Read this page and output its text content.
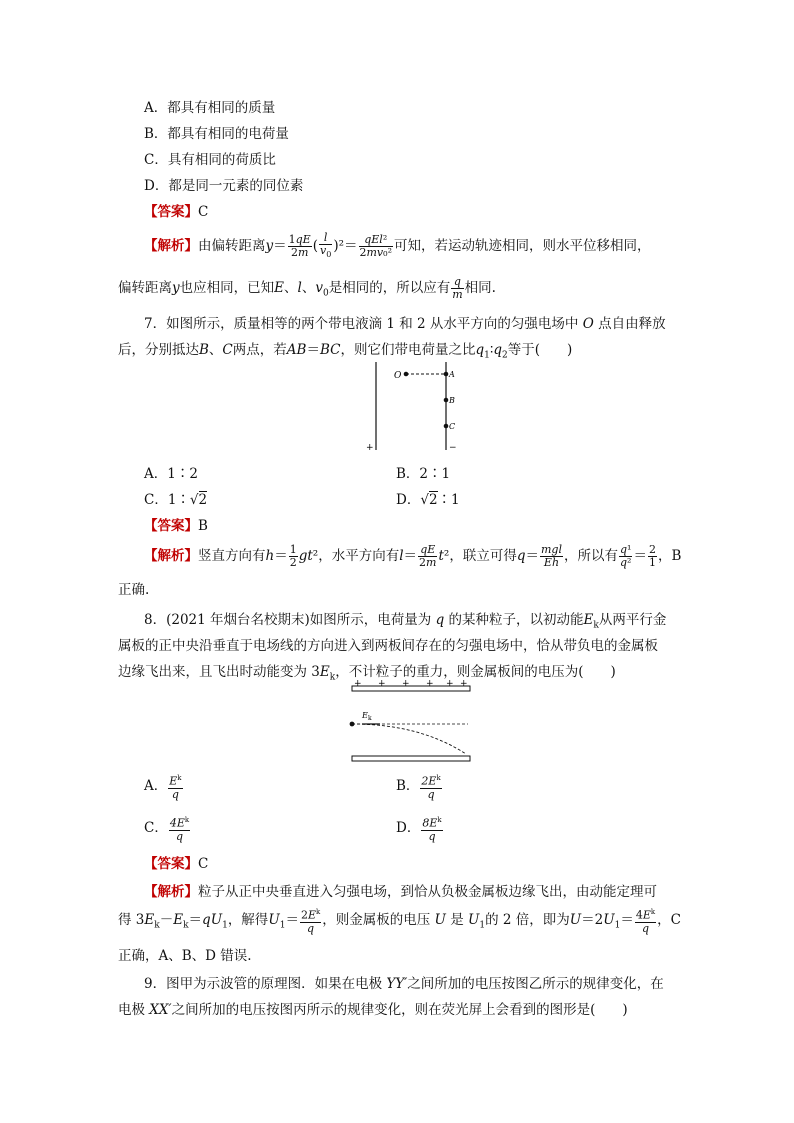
A．都具有相同的质量
B．都具有相同的电荷量
C．具有相同的荷质比
D．都是同一元素的同位素
【答案】C
【解析】由偏转距离$y= \frac{1qE}{2m}$ ( $\frac{l}{v_0} )^2= \frac{\text{qEl²}}{\text{2mv₀²}}$ 可知，若运动轨迹相同，则水平位移相同，
偏转距离y也应相同，已知E、l、$v_0$是相同的，所以应有 $\frac{q}{m}$ 相同.
7．如图所示，质量相等的两个带电液滴 1 和 2 从水平方向的匀强电场中 O 点自由释放
后，分别抵达B、C两点，若AB＝BC，则它们带电荷量之比$q_1∶q_2$等于(　　)
O	A
B
C
+	−
A．1∶2	B．2∶1
C．1∶√2	D．√2∶1
【答案】B
【解析】竖直方向有$h= \frac{1}{2} gt^2$，水平方向有$l= \frac{qE}{2m} t^2$，联立可得$q= \frac{\text{mgl}}{Eh}$ ，所以有 $\frac{\text{q¹}}{\text{q²}} = \frac{2}{1}$ ，B
正确.
8．(2021 年烟台名校期末)如图所示，电荷量为 q 的某种粒子，以初动能$E_k$从两平行金
属板的正中央沿垂直于电场线的方向进入到两板间存在的匀强电场中，恰从带负电的金属板
边缘飞出来，且飞出时动能变为 $3E_k$，不计粒子的重力，则金属板间的电压为(　　)
+ + + + + +
E k
A． $\frac{E^k}{q}$	B． $\frac{2E^k}{q}$
C． $\frac{4E^k}{q}$	D． $\frac{8E^k}{q}$
【答案】C
【解析】粒子从正中央垂直进入匀强电场，到恰从负极金属板边缘飞出，由动能定理可
得 $3E_k-E_k=qU_1$，解得$U_1= \frac{2E^k}{q}$ ，则金属板的电压 U 是 $U_1$的 2 倍，即为$U=2U_1= \frac{4E^k}{q}$ ，C
正确，A、B、D 错误.
9．图甲为示波管的原理图．如果在电极 YY′之间所加的电压按图乙所示的规律变化，在
电极 XX′之间所加的电压按图丙所示的规律变化，则在荧光屏上会看到的图形是(　　)
